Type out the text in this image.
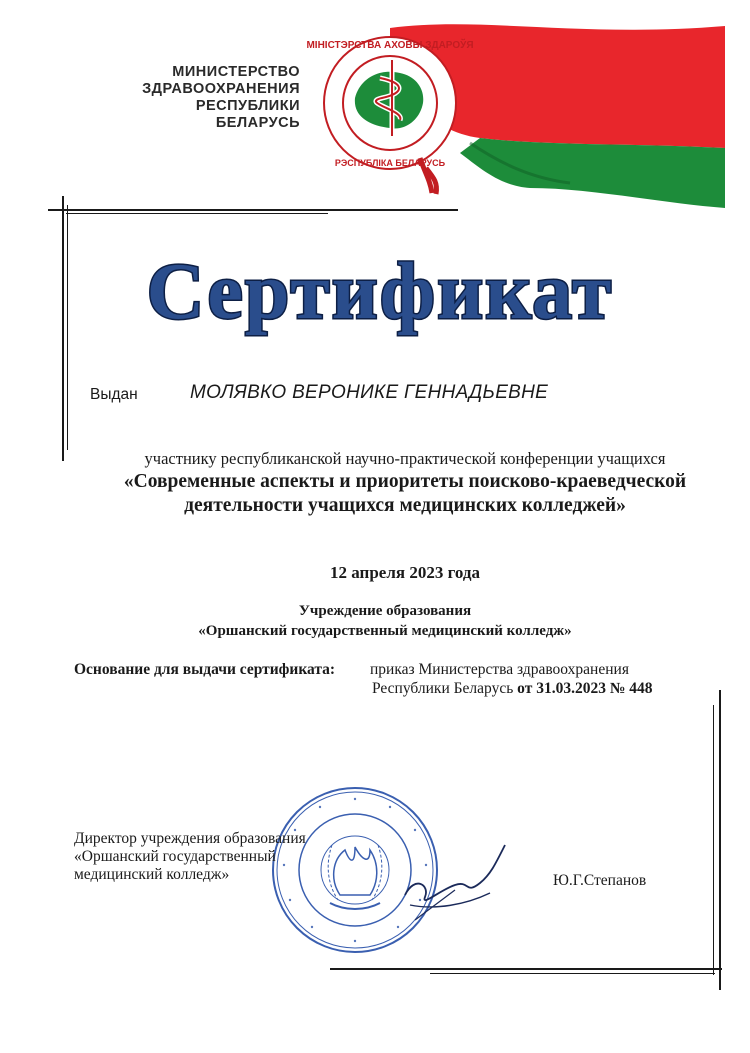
МІНІСТЭРСТВА АХОВЫ ЗДАРОЎЯ
РЭСПУБЛІКА БЕЛАРУСЬ
МИНИСТЕРСТВО
ЗДРАВООХРАНЕНИЯ
РЕСПУБЛИКИ
БЕЛАРУСЬ
Сертификат
Выдан	МОЛЯВКО ВЕРОНИКЕ ГЕННАДЬЕВНЕ
участнику республиканской научно-практической конференции учащихся
«Современные аспекты и приоритеты поисково-краеведческой
деятельности учащихся медицинских колледжей»
12 апреля 2023 года
Учреждение образования
«Оршанский государственный медицинский колледж»
Основание для выдачи сертификата: приказ Министерства здравоохранения
Республики Беларусь от 31.03.2023 № 448
Директор учреждения образования
«Оршанский государственный
медицинский колледж»	Ю.Г.Степанов
